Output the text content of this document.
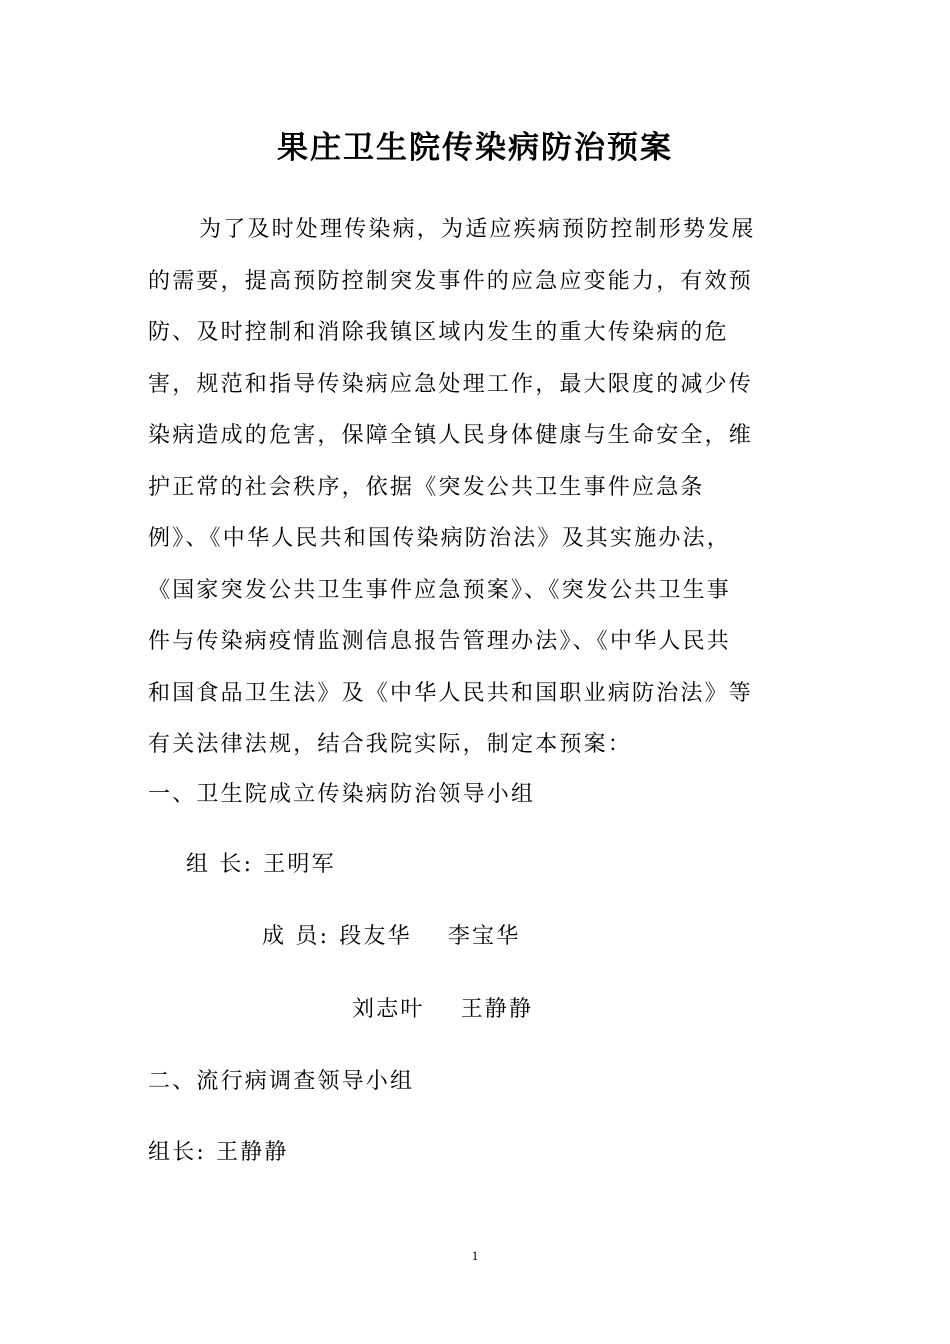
果庄卫生院传染病防治预案
为了及时处理传染病，为适应疾病预防控制形势发展
的需要，提高预防控制突发事件的应急应变能力，有效预
防、及时控制和消除我镇区域内发生的重大传染病的危
害，规范和指导传染病应急处理工作，最大限度的减少传
染病造成的危害，保障全镇人民身体健康与生命安全，维
护正常的社会秩序，依据《突发公共卫生事件应急条
例》、《中华人民共和国传染病防治法》及其实施办法，
《国家突发公共卫生事件应急预案》、《突发公共卫生事
件与传染病疫情监测信息报告管理办法》、《中华人民共
和国食品卫生法》及《中华人民共和国职业病防治法》等
有关法律法规，结合我院实际，制定本预案：
一、卫生院成立传染病防治领导小组
组 长: 王明军
成 员: 段友华 李宝华
刘志叶 王静静
二、流行病调查领导小组
组长: 王静静
1
